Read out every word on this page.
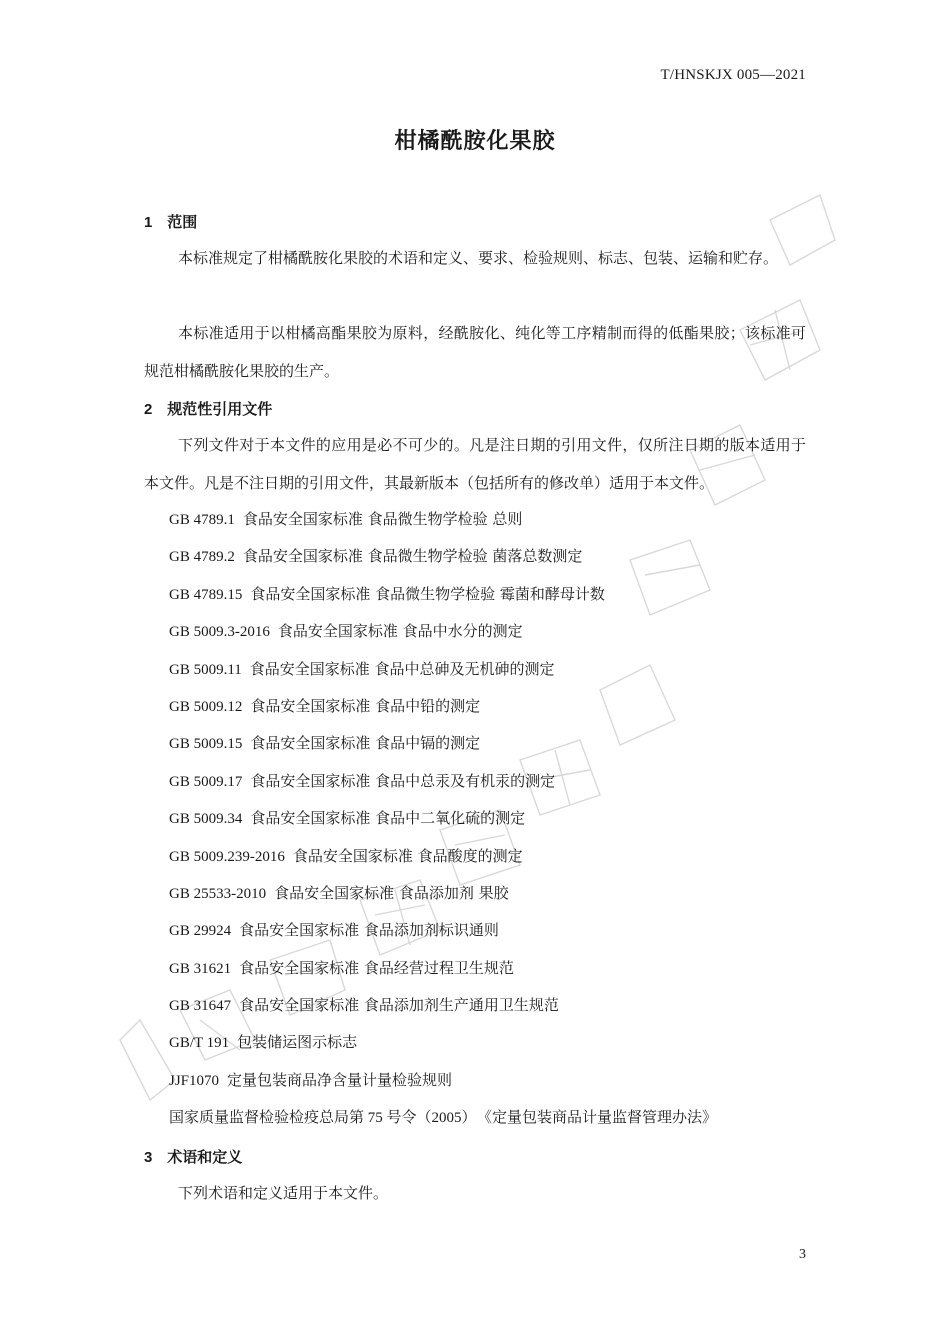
T/HNSKJX 005—2021
柑橘酰胺化果胶
1 范围
本标准规定了柑橘酰胺化果胶的术语和定义、要求、检验规则、标志、包装、运输和贮存。
本标准适用于以柑橘高酯果胶为原料，经酰胺化、纯化等工序精制而得的低酯果胶；该标准可规范柑橘酰胺化果胶的生产。
2 规范性引用文件
下列文件对于本文件的应用是必不可少的。凡是注日期的引用文件，仅所注日期的版本适用于本文件。凡是不注日期的引用文件，其最新版本（包括所有的修改单）适用于本文件。
GB 4789.1 食品安全国家标准 食品微生物学检验 总则
GB 4789.2 食品安全国家标准 食品微生物学检验 菌落总数测定
GB 4789.15 食品安全国家标准 食品微生物学检验 霉菌和酵母计数
GB 5009.3-2016 食品安全国家标准 食品中水分的测定
GB 5009.11 食品安全国家标准 食品中总砷及无机砷的测定
GB 5009.12 食品安全国家标准 食品中铅的测定
GB 5009.15 食品安全国家标准 食品中镉的测定
GB 5009.17 食品安全国家标准 食品中总汞及有机汞的测定
GB 5009.34 食品安全国家标准 食品中二氧化硫的测定
GB 5009.239-2016 食品安全国家标准 食品酸度的测定
GB 25533-2010 食品安全国家标准 食品添加剂 果胶
GB 29924 食品安全国家标准 食品添加剂标识通则
GB 31621 食品安全国家标准 食品经营过程卫生规范
GB 31647 食品安全国家标准 食品添加剂生产通用卫生规范
GB/T 191 包装储运图示标志
JJF1070 定量包装商品净含量计量检验规则
国家质量监督检验检疫总局第 75 号令（2005） 《定量包装商品计量监督管理办法》
3 术语和定义
下列术语和定义适用于本文件。
3
